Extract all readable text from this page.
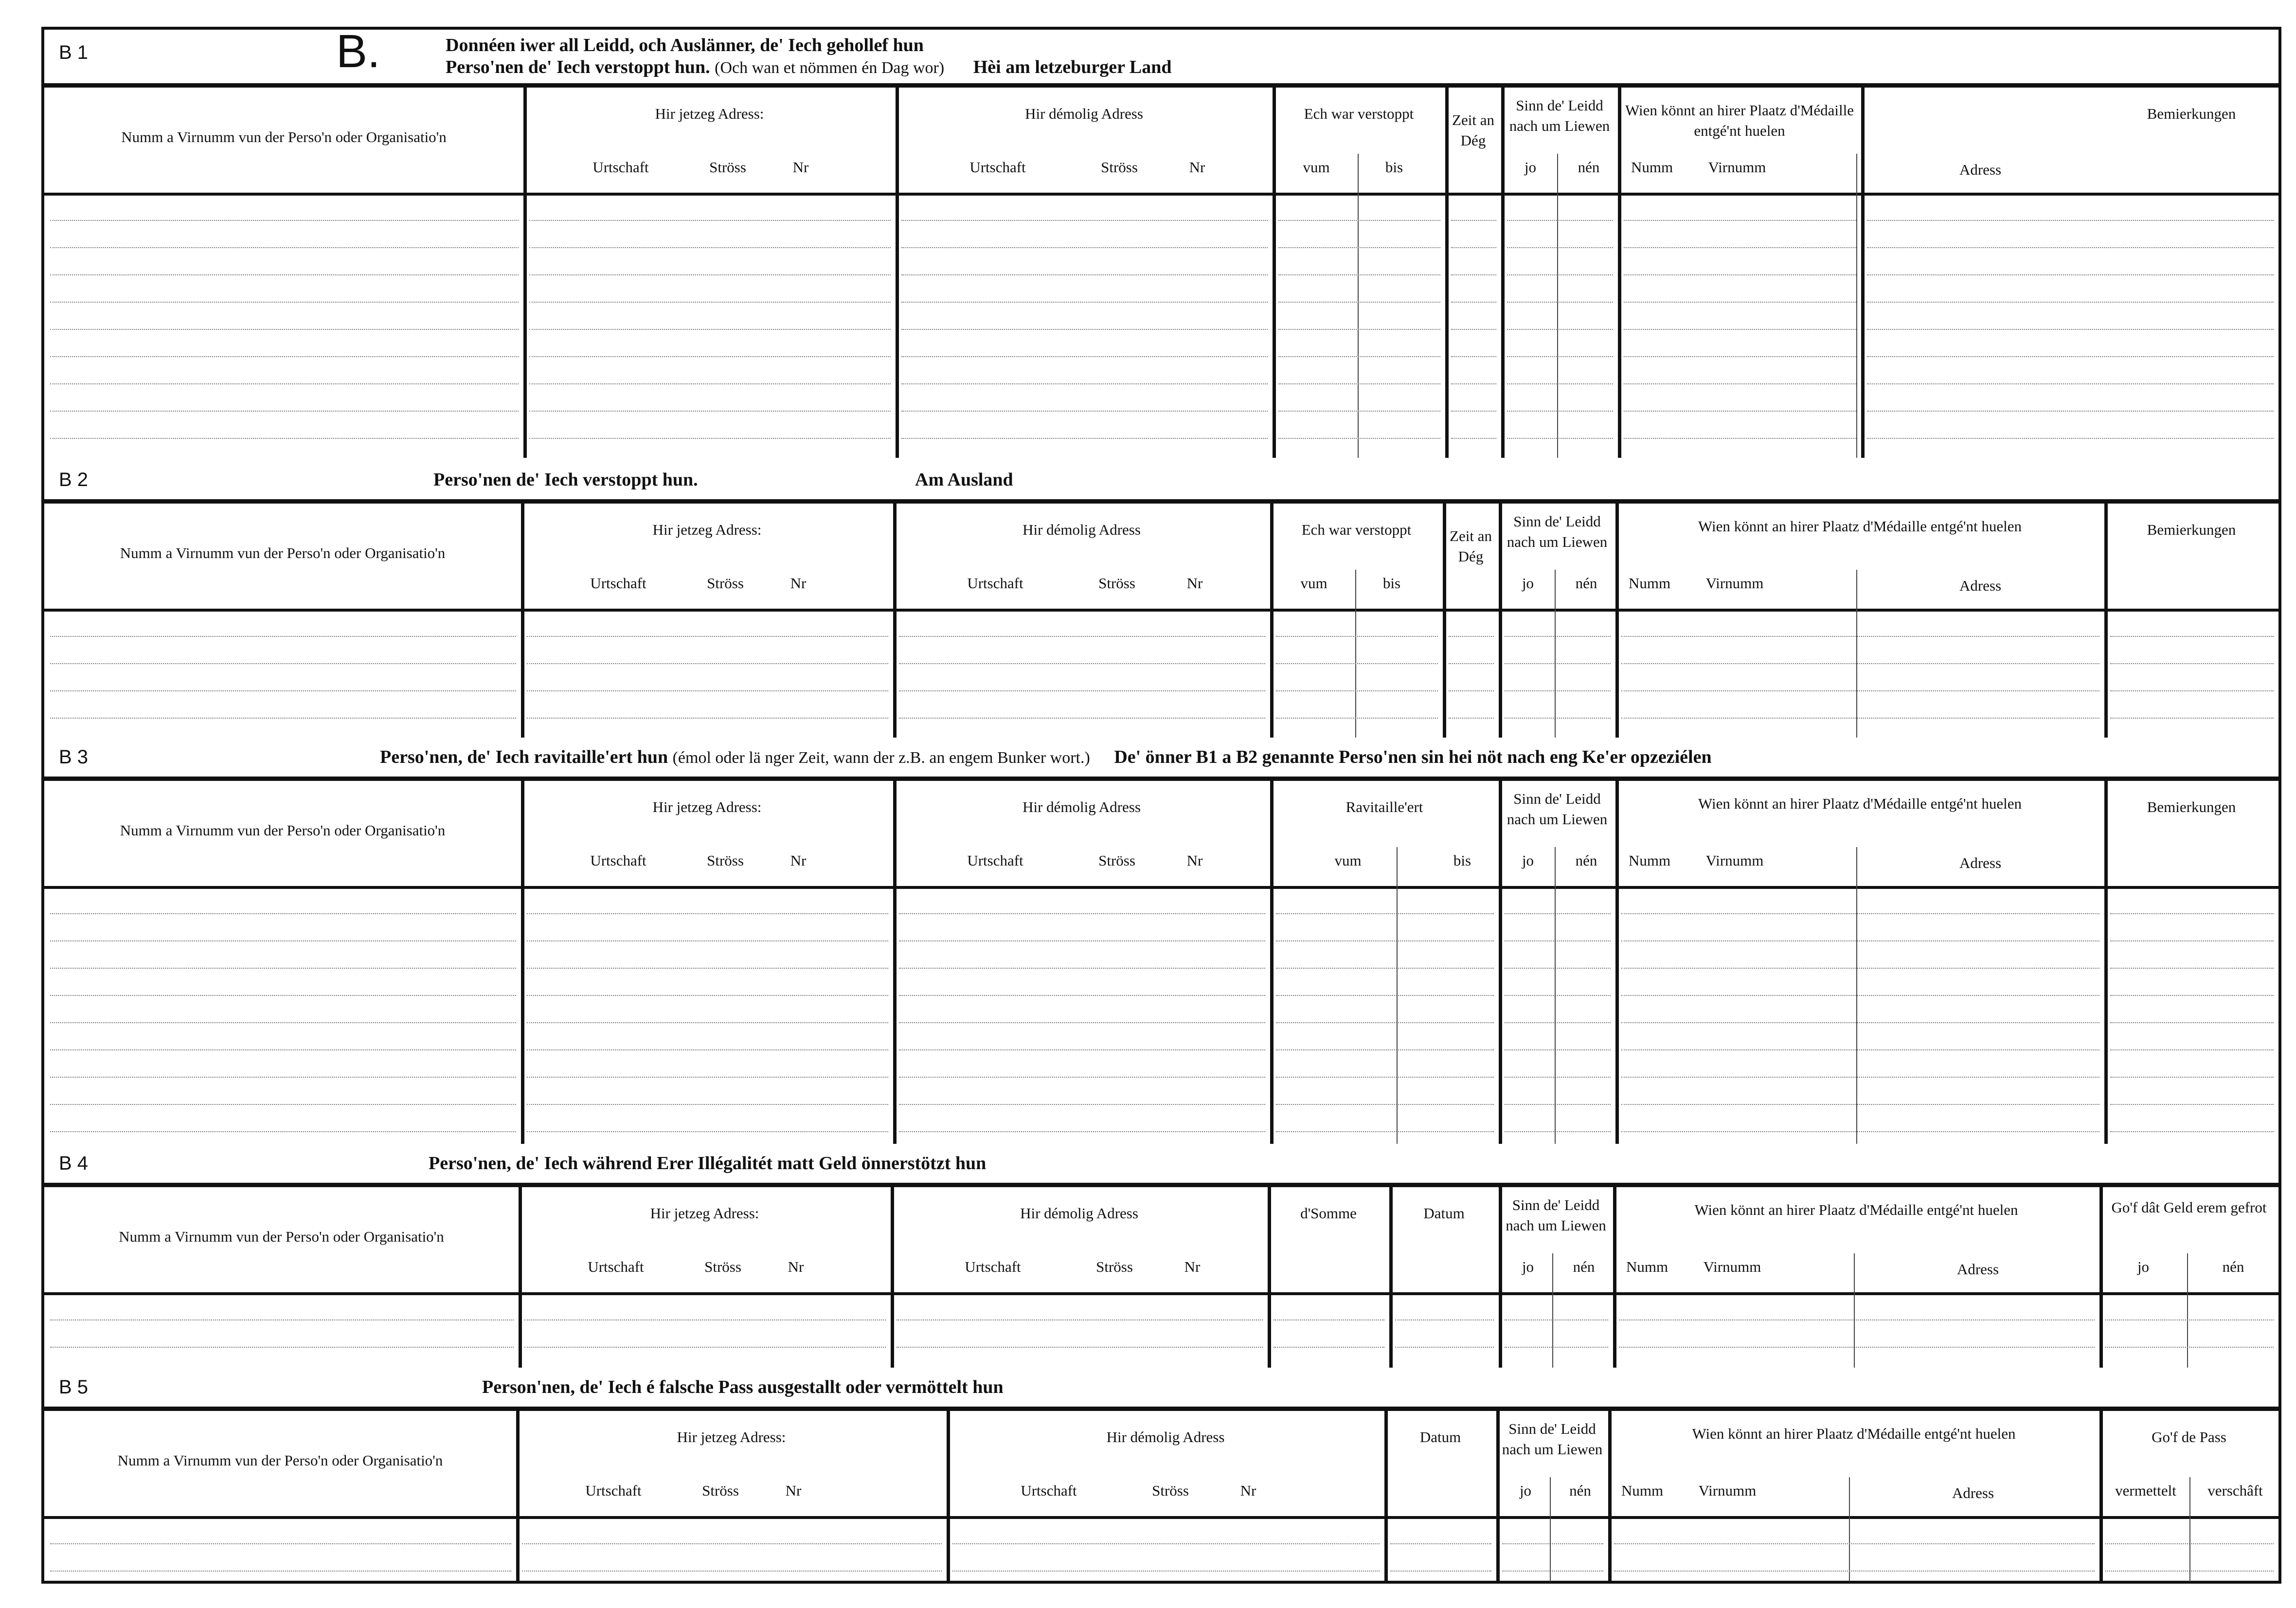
B 1	B.	Donnéen iwer all Leidd, och Auslänner, de' Iech gehollef hun
Perso'nen de' Iech verstoppt hun. (Och wan et nömmen én Dag wor) Hèi am letzeburger Land
Numm a Virnumm vun der Perso'n oder Organisatio'n
Hir jetzeg Adress:
Urtschaft	Ströss	Nr
Hir démolig Adress
Urtschaft	Ströss	Nr
Ech war verstoppt
vum	bis
Zeit an Dég
Sinn de' Leidd nach um Liewen
jo	nén
Wien könnt an hirer Plaatz d'Médaille entgé'nt huelen
Numm	Virnumm	Adress
Bemierkungen
B 2	Perso'nen de' Iech verstoppt hun.	Am Ausland
Numm a Virnumm vun der Perso'n oder Organisatio'n
Hir jetzeg Adress:
Urtschaft	Ströss	Nr
Hir démolig Adress
Urtschaft	Ströss	Nr
Ech war verstoppt
vum	bis
Zeit an Dég
Sinn de' Leidd nach um Liewen
jo	nén
Wien könnt an hirer Plaatz d'Médaille entgé'nt huelen
Numm	Virnumm	Adress
Bemierkungen
B 3	Perso'nen, de' Iech ravitaille'ert hun (émol oder lä nger Zeit, wann der z.B. an engem Bunker wort.) De' önner B1 a B2 genannte Perso'nen sin hei nöt nach eng Ke'er opzeziélen
Numm a Virnumm vun der Perso'n oder Organisatio'n
Hir jetzeg Adress:
Urtschaft	Ströss	Nr
Hir démolig Adress
Urtschaft	Ströss	Nr
Ravitaille'ert
vum	bis
Sinn de' Leidd nach um Liewen
jo	nén
Wien könnt an hirer Plaatz d'Médaille entgé'nt huelen
Numm	Virnumm	Adress
Bemierkungen
B 4	Perso'nen, de' Iech während Erer Illégalitét matt Geld önnerstötzt hun
Numm a Virnumm vun der Perso'n oder Organisatio'n
Hir jetzeg Adress:
Urtschaft	Ströss	Nr
Hir démolig Adress
Urtschaft	Ströss	Nr
d'Somme	Datum	Sinn de' Leidd nach um Liewen
jo	nén
Wien könnt an hirer Plaatz d'Médaille entgé'nt huelen
Numm	Virnumm	Adress
Go'f dât Geld erem gefrot
jo	nén
B 5	Person'nen, de' Iech é falsche Pass ausgestallt oder vermöttelt hun
Numm a Virnumm vun der Perso'n oder Organisatio'n
Hir jetzeg Adress:
Urtschaft	Ströss	Nr
Hir démolig Adress
Urtschaft	Ströss	Nr
Datum	Sinn de' Leidd nach um Liewen
jo	nén
Wien könnt an hirer Plaatz d'Médaille entgé'nt huelen
Numm	Virnumm	Adress
Go'f de Pass
vermettelt	verschâft
